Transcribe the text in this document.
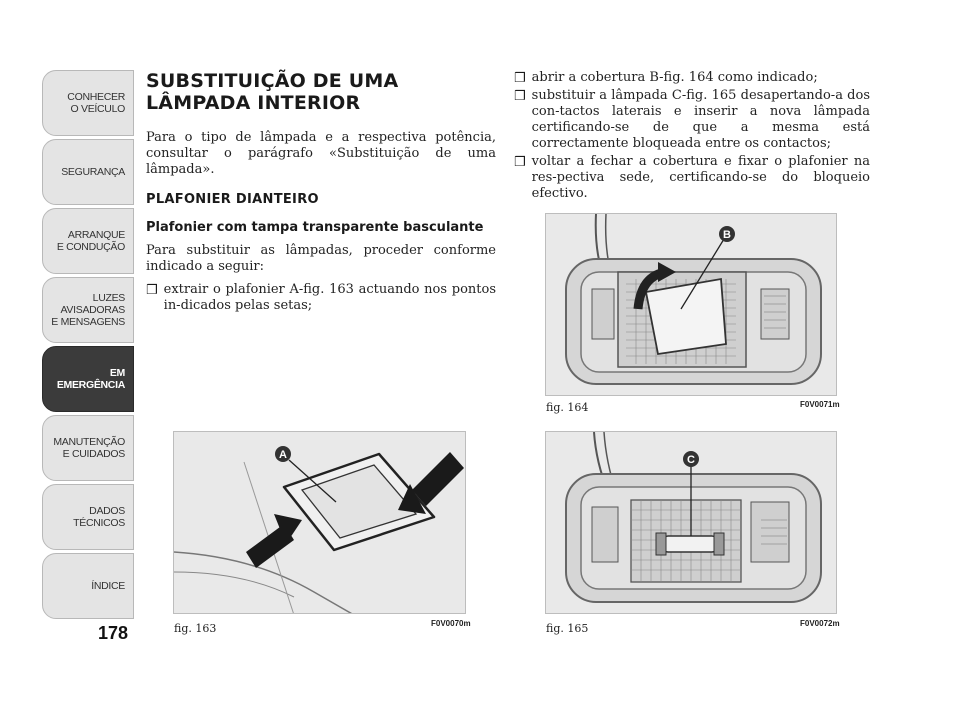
CONHECER
O VEÍCULO
SEGURANÇA
ARRANQUE
E CONDUÇÃO
LUZES AVISADORAS
E MENSAGENS
EM EMERGÊNCIA
MANUTENÇÃO
E CUIDADOS
DADOS TÉCNICOS
ÍNDICE
178
SUBSTITUIÇÃO DE UMA
LÂMPADA INTERIOR

Para o tipo de lâmpada e a respectiva potência, consultar o parágrafo «Substituição de uma lâmpada».

PLAFONIER DIANTEIRO
Plafonier com tampa transparente basculante

Para substituir as lâmpadas, proceder conforme indicado a seguir:

❒ extrair o plafonier A-fig. 163 actuando nos pontos in-dicados pelas setas;
❒ abrir a cobertura B-fig. 164 como indicado;
❒ substituir a lâmpada C-fig. 165 desapertando-a dos con-tactos laterais e inserir a nova lâmpada certificando-se de que a mesma está correctamente bloqueada entre os contactos;
❒ voltar a fechar a cobertura e fixar o plafonier na res-pectiva sede, certificando-se do bloqueio efectivo.
B
fig. 164	F0V0071m
C
fig. 165	F0V0072m
A
fig. 163	F0V0070m
